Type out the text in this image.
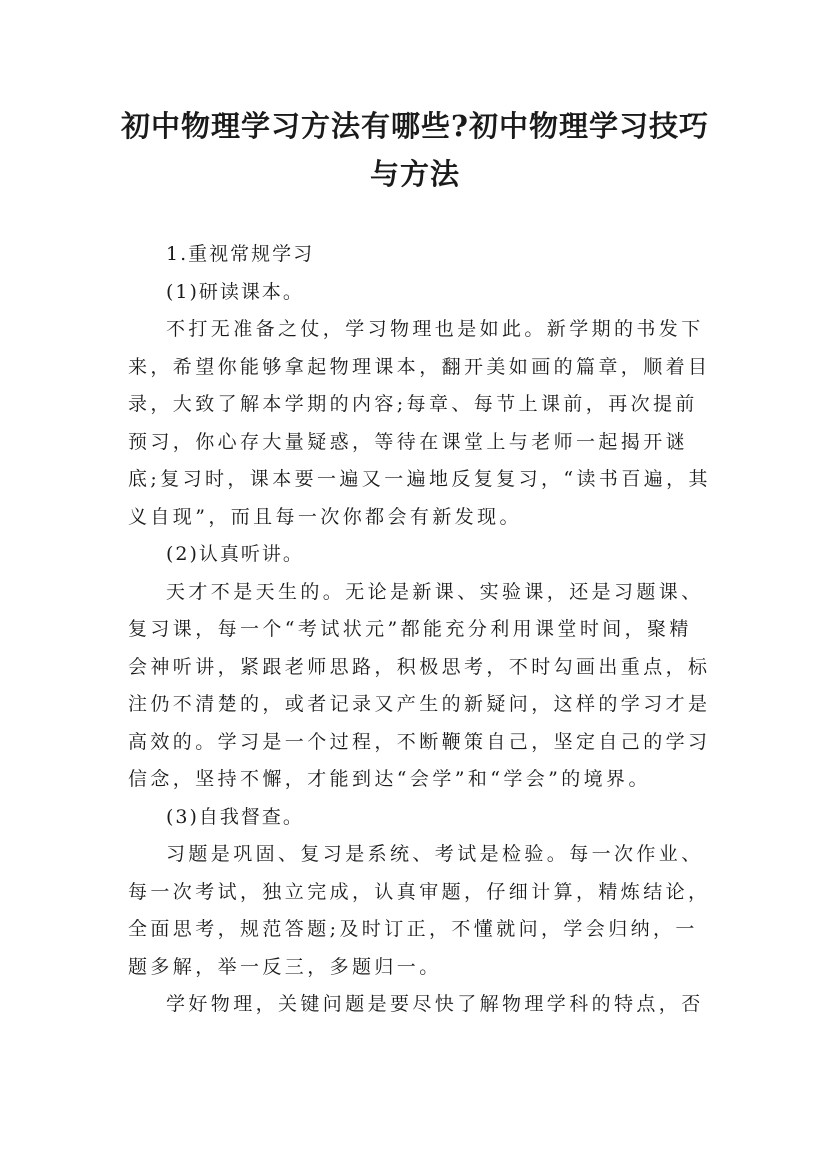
初中物理学习方法有哪些?初中物理学习技巧与方法

1.重视常规学习

(1)研读课本。

不打无准备之仗，学习物理也是如此。新学期的书发下来，希望你能够拿起物理课本，翻开美如画的篇章，顺着目录，大致了解本学期的内容;每章、每节上课前，再次提前预习，你心存大量疑惑，等待在课堂上与老师一起揭开谜底;复习时，课本要一遍又一遍地反复复习，“读书百遍，其义自现”，而且每一次你都会有新发现。

(2)认真听讲。

天才不是天生的。无论是新课、实验课，还是习题课、复习课，每一个“考试状元”都能充分利用课堂时间，聚精会神听讲，紧跟老师思路，积极思考，不时勾画出重点，标注仍不清楚的，或者记录又产生的新疑问，这样的学习才是高效的。学习是一个过程，不断鞭策自己，坚定自己的学习信念，坚持不懈，才能到达“会学”和“学会”的境界。

(3)自我督查。

习题是巩固、复习是系统、考试是检验。每一次作业、每一次考试，独立完成，认真审题，仔细计算，精炼结论，全面思考，规范答题;及时订正，不懂就问，学会归纳，一题多解，举一反三，多题归一。

学好物理，关键问题是要尽快了解物理学科的特点，否
